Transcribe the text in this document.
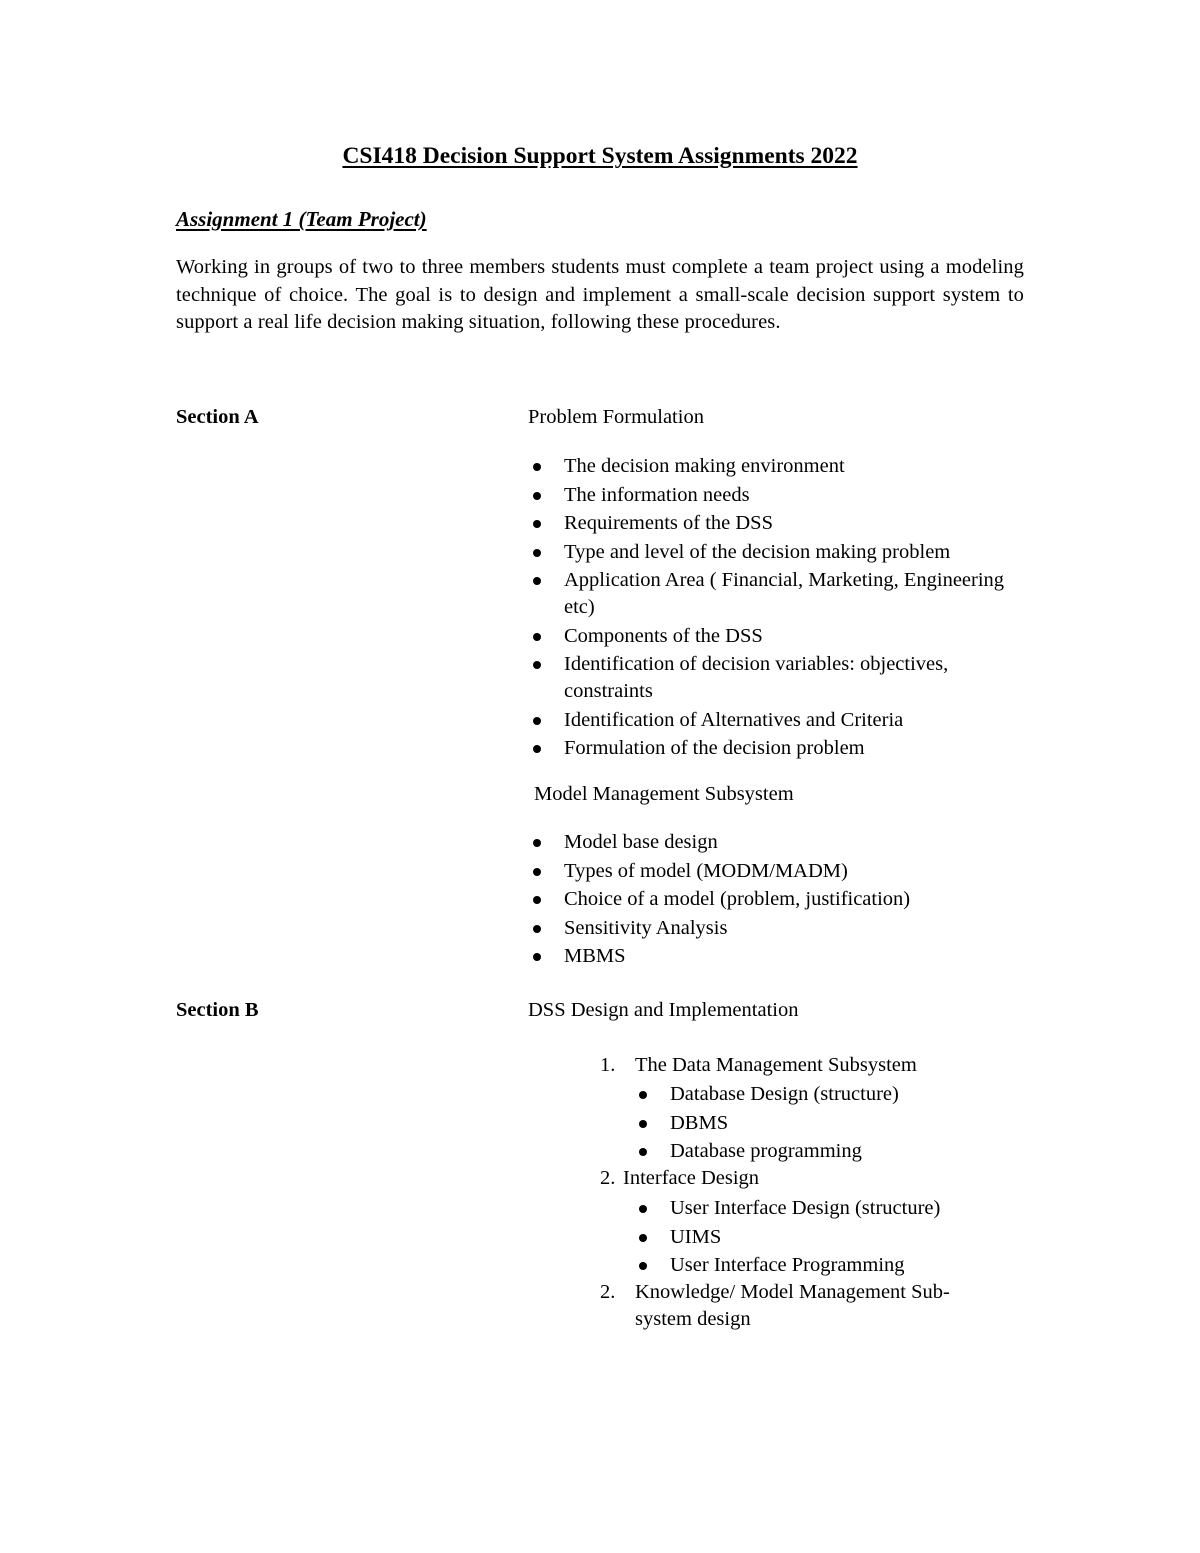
CSI418 Decision Support System Assignments 2022
Assignment 1 (Team Project)
Working in groups of two to three members students must complete a team project using a modeling technique of choice. The goal is to design and implement a small-scale decision support system to support a real life decision making situation, following these procedures.
Section A	Problem Formulation
The decision making environment
The information needs
Requirements of the DSS
Type and level of the decision making problem
Application Area ( Financial, Marketing, Engineering etc)
Components of the DSS
Identification of decision variables: objectives, constraints
Identification of Alternatives and Criteria
Formulation of the decision problem
Model Management Subsystem
Model base design
Types of model (MODM/MADM)
Choice of a model (problem, justification)
Sensitivity Analysis
MBMS
Section B	DSS Design and Implementation
1. The Data Management Subsystem
Database Design (structure)
DBMS
Database programming
2. Interface Design
User Interface Design (structure)
UIMS
User Interface Programming
2. Knowledge/ Model Management Sub-system design
